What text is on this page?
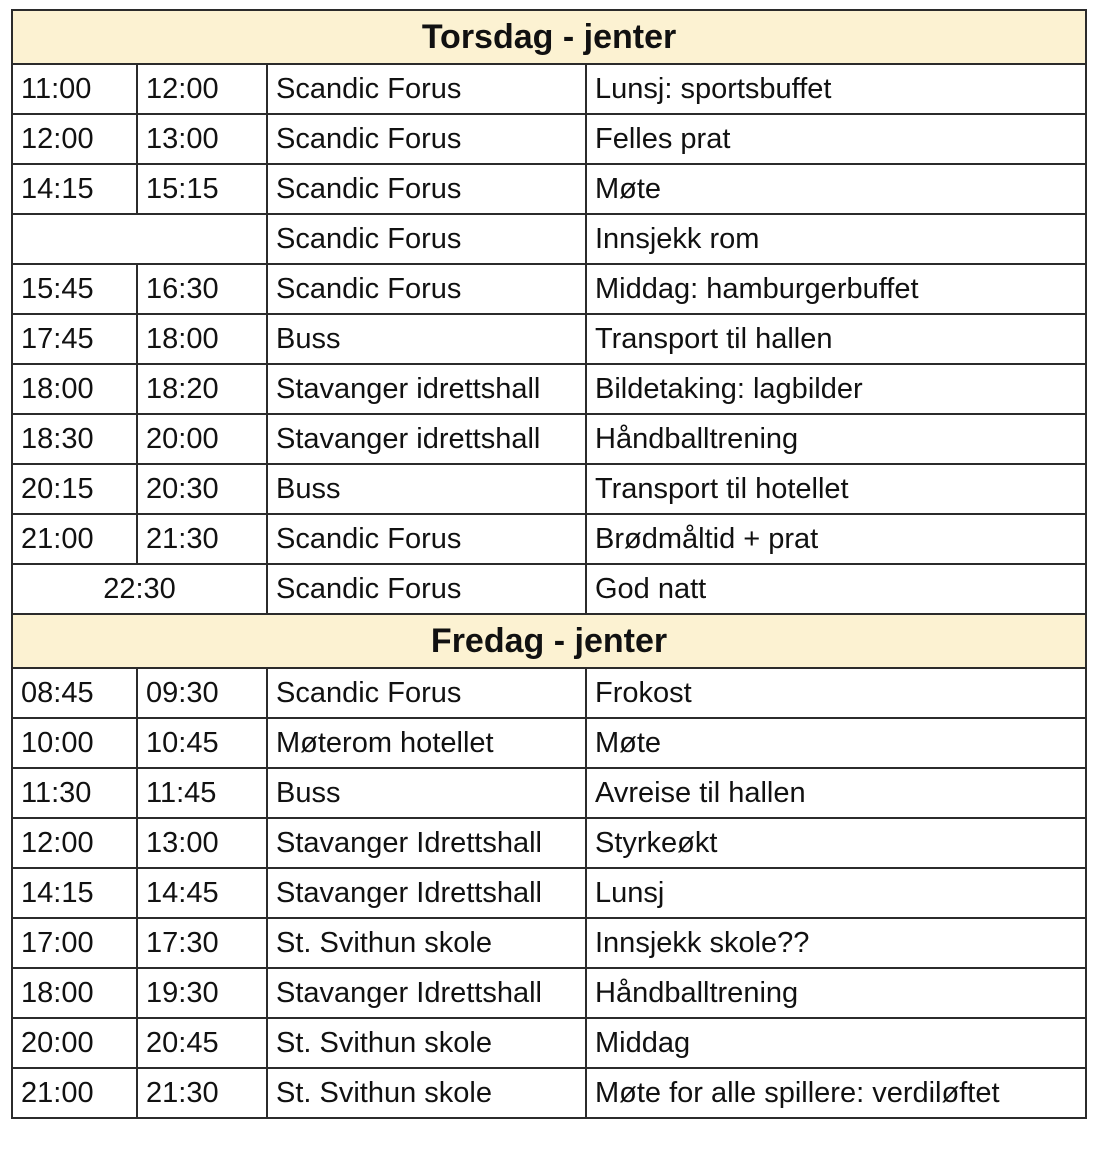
Torsdag - jenter			
11:00	12:00	Scandic Forus	Lunsj: sportsbuffet
12:00	13:00	Scandic Forus	Felles prat
14:15	15:15	Scandic Forus	Møte
		Scandic Forus	Innsjekk rom
15:45	16:30	Scandic Forus	Middag: hamburgerbuffet
17:45	18:00	Buss	Transport til hallen
18:00	18:20	Stavanger idrettshall	Bildetaking: lagbilder
18:30	20:00	Stavanger idrettshall	Håndballtrening
20:15	20:30	Buss	Transport til hotellet
21:00	21:30	Scandic Forus	Brødmåltid + prat
22:30		Scandic Forus	God natt
Fredag - jenter			
08:45	09:30	Scandic Forus	Frokost
10:00	10:45	Møterom hotellet	Møte
11:30	11:45	Buss	Avreise til hallen
12:00	13:00	Stavanger Idrettshall	Styrkeøkt
14:15	14:45	Stavanger Idrettshall	Lunsj
17:00	17:30	St. Svithun skole	Innsjekk skole??
18:00	19:30	Stavanger Idrettshall	Håndballtrening
20:00	20:45	St. Svithun skole	Middag
21:00	21:30	St. Svithun skole	Møte for alle spillere: verdiløftet
